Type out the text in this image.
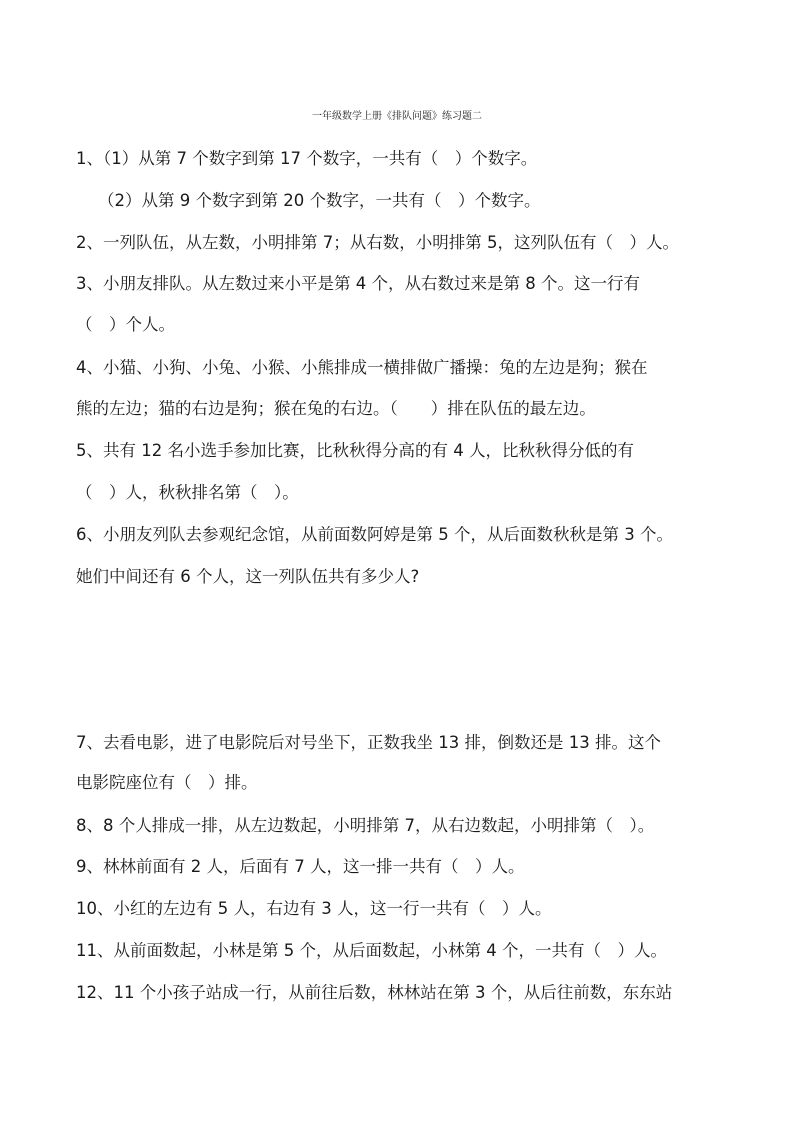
一年级数学上册《排队问题》练习题二
1、（1）从第 7 个数字到第 17 个数字，一共有（　）个数字。
（2）从第 9 个数字到第 20 个数字，一共有（　）个数字。
2、一列队伍，从左数，小明排第 7；从右数，小明排第 5，这列队伍有（　）人。
3、小朋友排队。从左数过来小平是第 4 个，从右数过来是第 8 个。这一行有
（　）个人。
4、小猫、小狗、小兔、小猴、小熊排成一横排做广播操：兔的左边是狗；猴在
熊的左边；猫的右边是狗；猴在兔的右边。（　　）排在队伍的最左边。
5、共有 12 名小选手参加比赛，比秋秋得分高的有 4 人，比秋秋得分低的有
（　）人，秋秋排名第（　）。
6、小朋友列队去参观纪念馆，从前面数阿婷是第 5 个，从后面数秋秋是第 3 个。
她们中间还有 6 个人，这一列队伍共有多少人?
7、去看电影，进了电影院后对号坐下，正数我坐 13 排，倒数还是 13 排。这个
电影院座位有（　）排。
8、8 个人排成一排，从左边数起，小明排第 7，从右边数起，小明排第（　）。
9、林林前面有 2 人，后面有 7 人，这一排一共有（　）人。
10、小红的左边有 5 人，右边有 3 人，这一行一共有（　）人。
11、从前面数起，小林是第 5 个，从后面数起，小林第 4 个，一共有（　）人。
12、11 个小孩子站成一行，从前往后数，林林站在第 3 个，从后往前数，东东站
